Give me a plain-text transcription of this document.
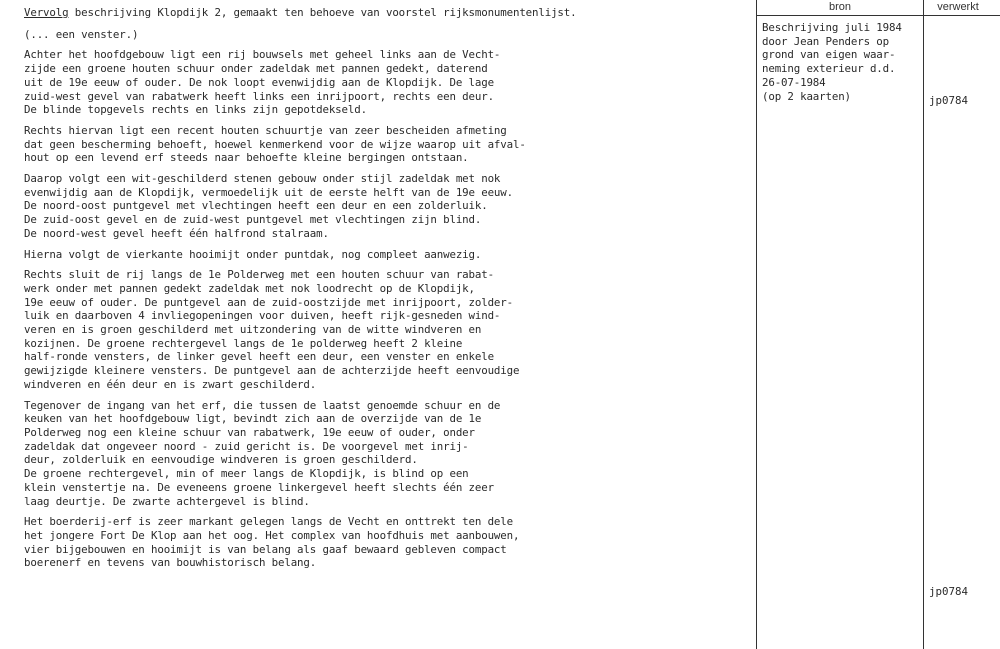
Vervolg beschrijving Klopdijk 2, gemaakt ten behoeve van voorstel rijksmonumentenlijst.
(... een venster.)
Achter het hoofdgebouw ligt een rij bouwsels met geheel links aan de Vecht-
zijde een groene houten schuur onder zadeldak met pannen gedekt, daterend
uit de 19e eeuw of ouder. De nok loopt evenwijdig aan de Klopdijk. De lage
zuid-west gevel van rabatwerk heeft links een inrijpoort, rechts een deur.
De blinde topgevels rechts en links zijn gepotdekseld.
Rechts hiervan ligt een recent houten schuurtje van zeer bescheiden afmeting
dat geen bescherming behoeft, hoewel kenmerkend voor de wijze waarop uit afval-
hout op een levend erf steeds naar behoefte kleine bergingen ontstaan.
Daarop volgt een wit-geschilderd stenen gebouw onder stijl zadeldak met nok
evenwijdig aan de Klopdijk, vermoedelijk uit de eerste helft van de 19e eeuw.
De noord-oost puntgevel met vlechtingen heeft een deur en een zolderluik.
De zuid-oost gevel en de zuid-west puntgevel met vlechtingen zijn blind.
De noord-west gevel heeft één halfrond stalraam.
Hierna volgt de vierkante hooimijt onder puntdak, nog compleet aanwezig.
Rechts sluit de rij langs de 1e Polderweg met een houten schuur van rabat-
werk onder met pannen gedekt zadeldak met nok loodrecht op de Klopdijk,
19e eeuw of ouder. De puntgevel aan de zuid-oostzijde met inrijpoort, zolder-
luik en daarboven 4 invliegopeningen voor duiven, heeft rijk-gesneden wind-
veren en is groen geschilderd met uitzondering van de witte windveren en
kozijnen. De groene rechtergevel langs de 1e polderweg heeft 2 kleine
half-ronde vensters, de linker gevel heeft een deur, een venster en enkele
gewijzigde kleinere vensters. De puntgevel aan de achterzijde heeft eenvoudige
windveren en één deur en is zwart geschilderd.
Tegenover de ingang van het erf, die tussen de laatst genoemde schuur en de
keuken van het hoofdgebouw ligt, bevindt zich aan de overzijde van de 1e
Polderweg nog een kleine schuur van rabatwerk, 19e eeuw of ouder, onder
zadeldak dat ongeveer noord - zuid gericht is. De voorgevel met inrij-
deur, zolderluik en eenvoudige windveren is groen geschilderd.
De groene rechtergevel, min of meer langs de Klopdijk, is blind op een
klein venstertje na. De eveneens groene linkergevel heeft slechts één zeer
laag deurtje. De zwarte achtergevel is blind.
Het boerderij-erf is zeer markant gelegen langs de Vecht en onttrekt ten dele
het jongere Fort De Klop aan het oog. Het complex van hoofdhuis met aanbouwen,
vier bijgebouwen en hooimijt is van belang als gaaf bewaard gebleven compact
boerenerf en tevens van bouwhistorisch belang.
bron	verwerkt
Beschrijving juli 1984
door Jean Penders op
grond van eigen waar-
neming exterieur d.d.
26-07-1984
(op 2 kaarten)	jp0784
jp0784
